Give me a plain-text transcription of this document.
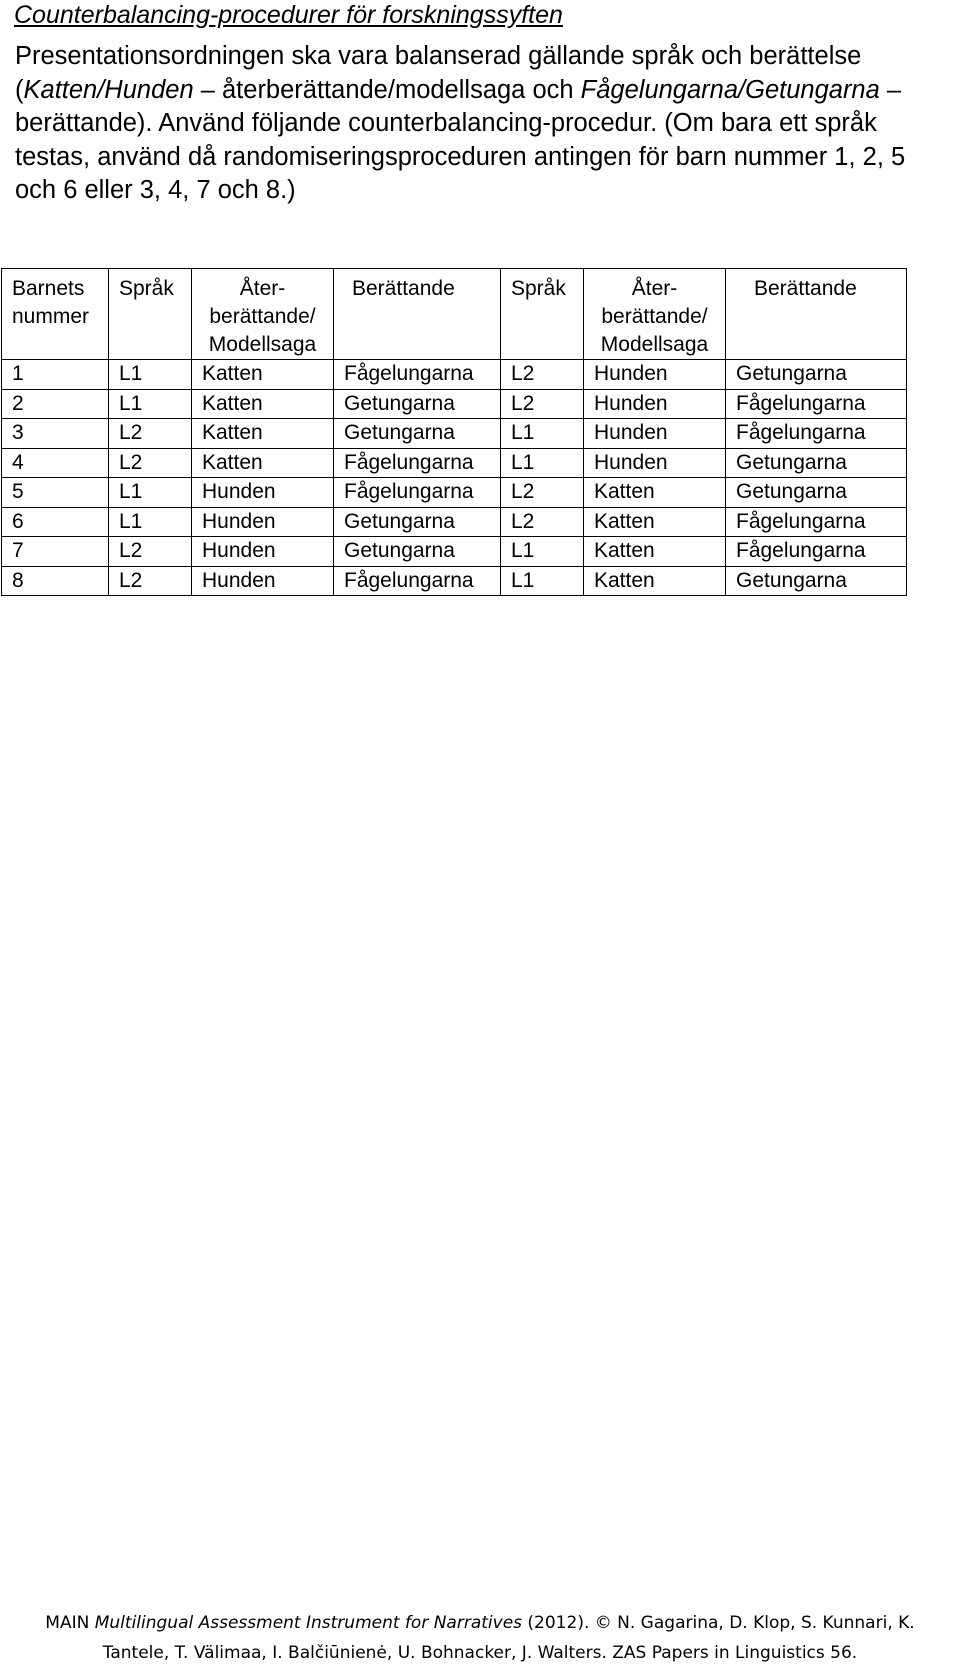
Counterbalancing-procedurer för forskningssyften

Presentationsordningen ska vara balanserad gällande språk och berättelse (Katten/Hunden – återberättande/modellsaga och Fågelungarna/Getungarna – berättande). Använd följande counterbalancing-procedur. (Om bara ett språk testas, använd då randomiseringsproceduren antingen för barn nummer 1, 2, 5 och 6 eller 3, 4, 7 och 8.)

Barnets nummer	Språk	Åter-berättande/ Modellsaga	Berättande	Språk	Åter-berättande/ Modellsaga	Berättande
1	L1	Katten	Fågelungarna	L2	Hunden	Getungarna
2	L1	Katten	Getungarna	L2	Hunden	Fågelungarna
3	L2	Katten	Getungarna	L1	Hunden	Fågelungarna
4	L2	Katten	Fågelungarna	L1	Hunden	Getungarna
5	L1	Hunden	Fågelungarna	L2	Katten	Getungarna
6	L1	Hunden	Getungarna	L2	Katten	Fågelungarna
7	L2	Hunden	Getungarna	L1	Katten	Fågelungarna
8	L2	Hunden	Fågelungarna	L1	Katten	Getungarna
MAIN Multilingual Assessment Instrument for Narratives (2012). © N. Gagarina, D. Klop, S. Kunnari, K.
Tantele, T. Välimaa, I. Balčiūnienė, U. Bohnacker, J. Walters. ZAS Papers in Linguistics 56.
